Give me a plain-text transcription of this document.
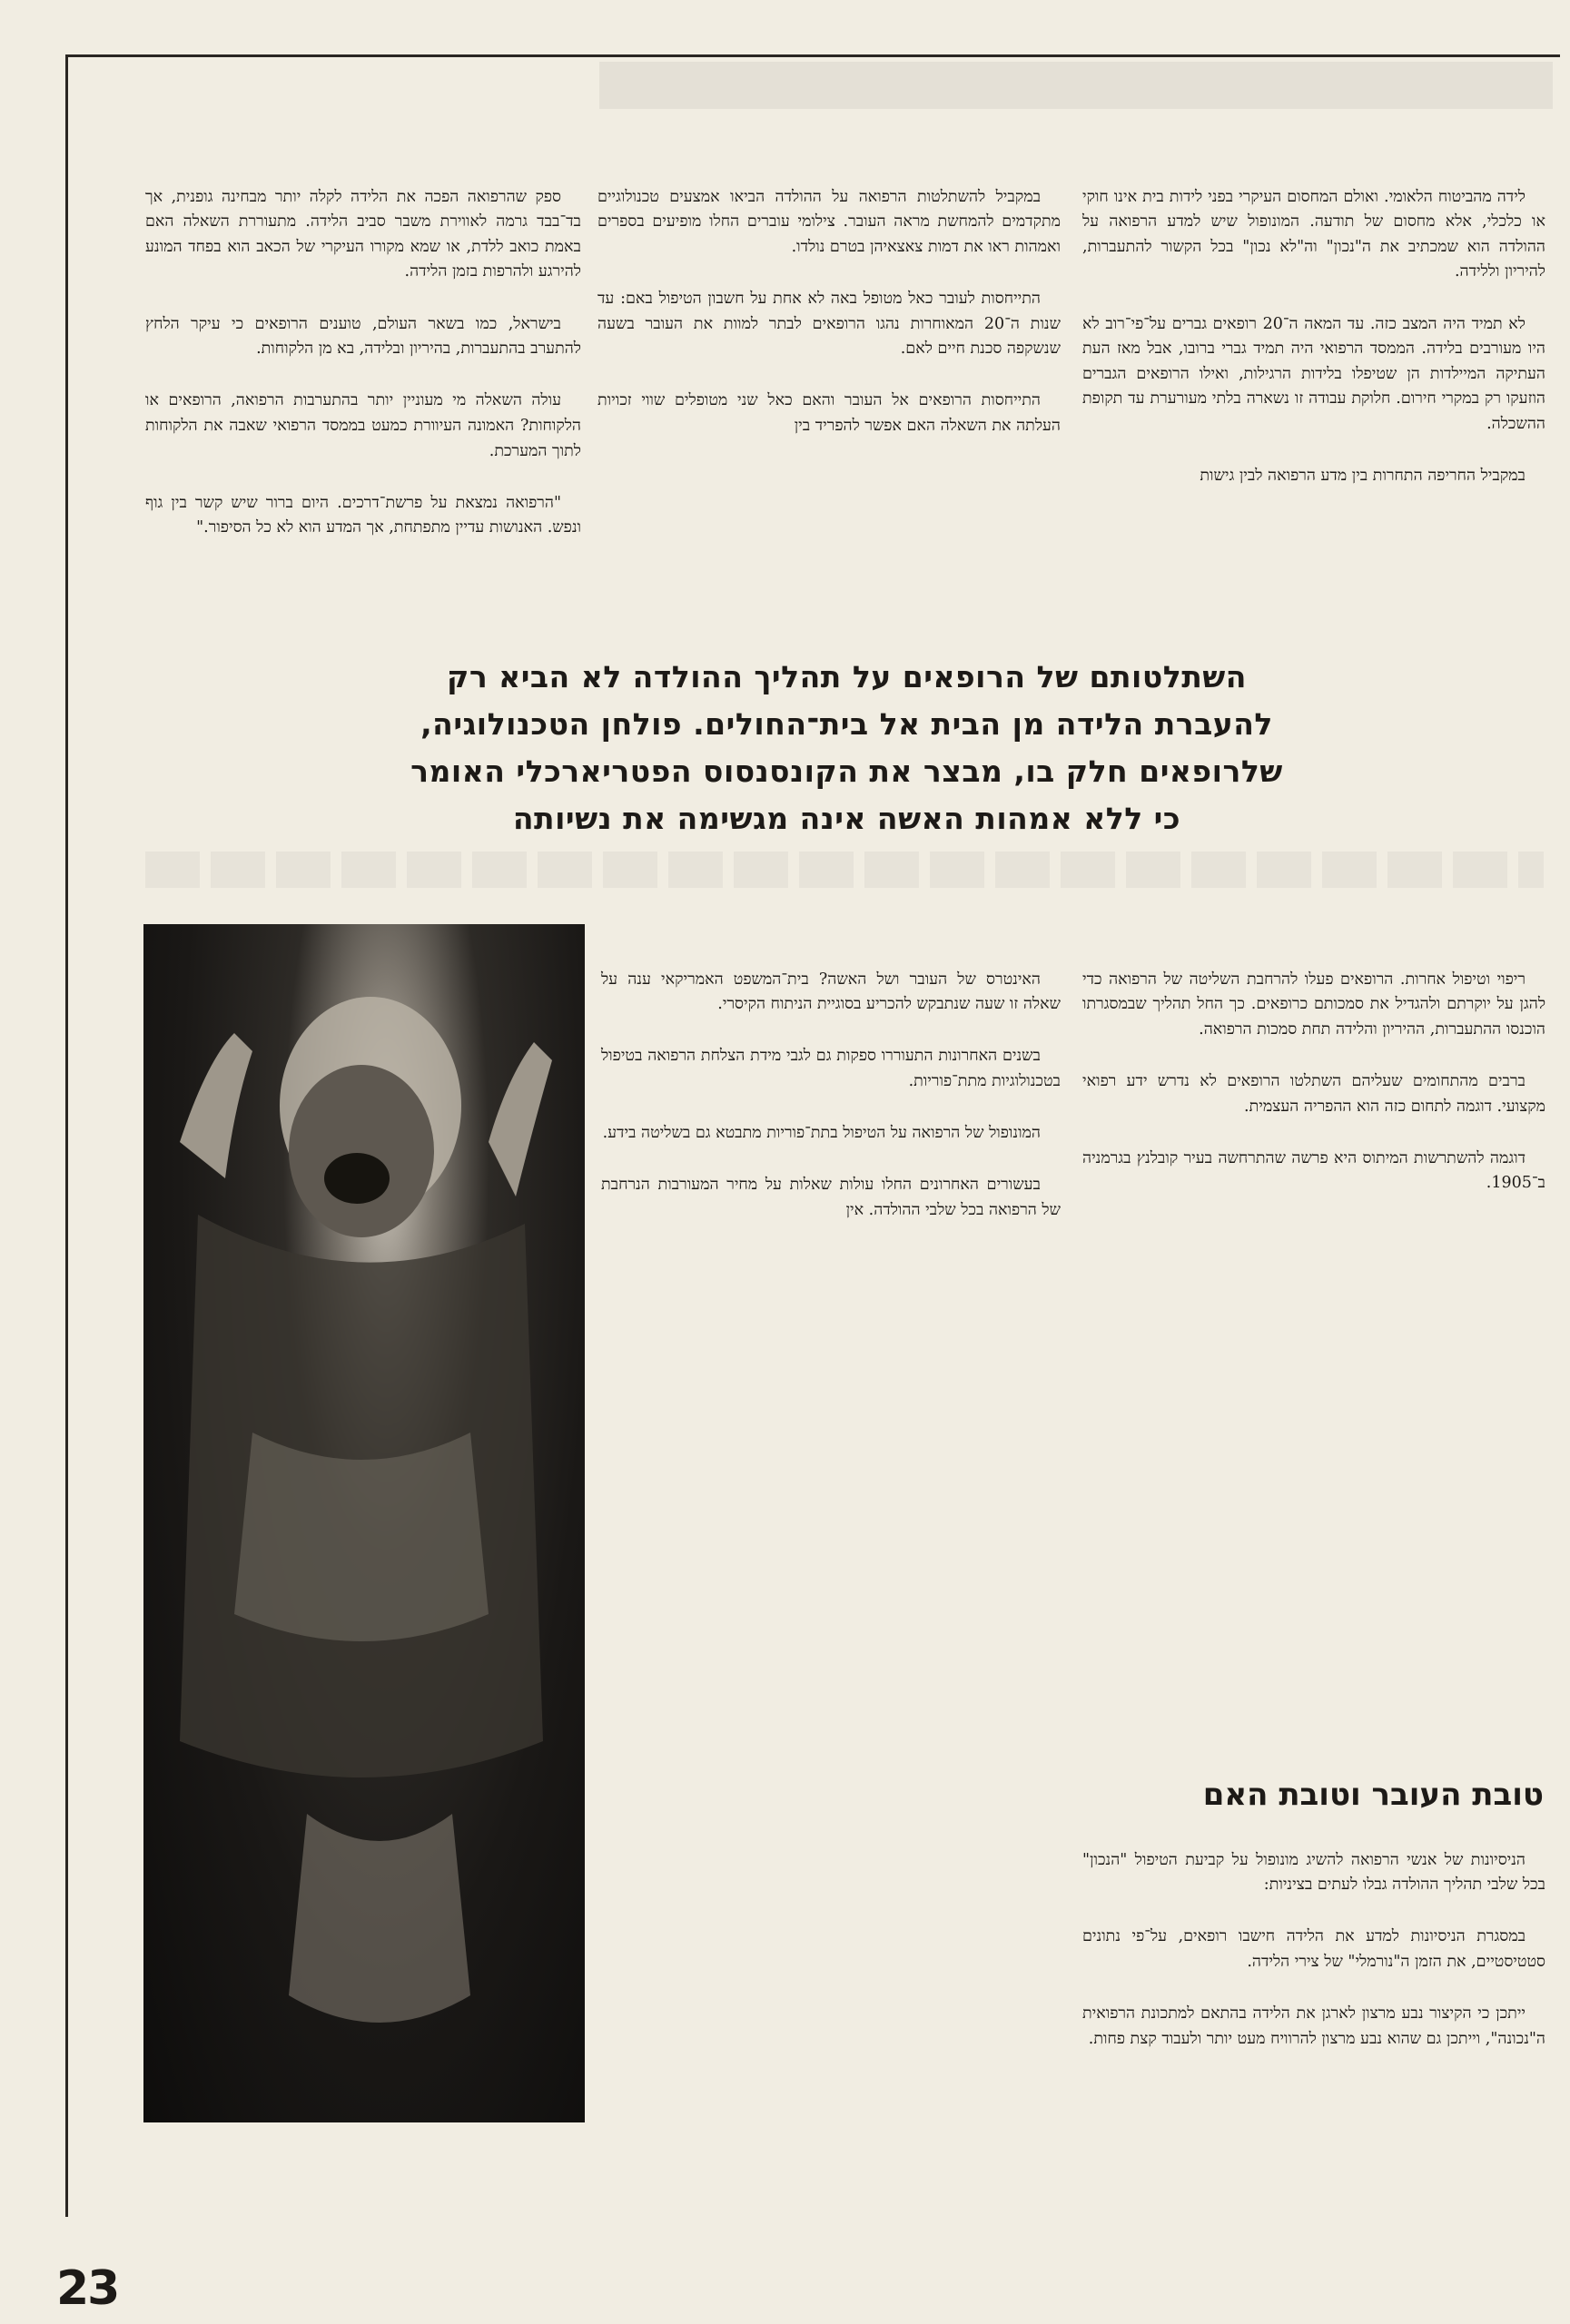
לידה מהביטוח הלאומי. ואולם המחסום העיקרי בפני לידות בית אינו חוקי או כלכלי, אלא מחסום של תודעה. המונופול שיש למדע הרפואה על ההולדה הוא שמכתיב את ה"נכון" וה"לא נכון" בכל הקשור להתעברות, להיריון וללידה.

לא תמיד היה המצב כזה. עד המאה ה־20 רופאים גברים על־פי־רוב לא היו מעורבים בלידה. הממסד הרפואי היה תמיד גברי ברובו, אבל מאז העת העתיקה המיילדות הן שטיפלו בלידות הרגילות, ואילו הרופאים הגברים הוזעקו רק במקרי חירום. חלוקת עבודה זו נשארה בלתי מעורערת עד תקופת ההשכלה.

במקביל החריפה התחרות בין מדע הרפואה לבין גישות

במקביל להשתלטות הרפואה על ההולדה הביאו אמצעים טכנולוגיים מתקדמים להמחשת מראה העובר. צילומי עוברים החלו מופיעים בספרים ואמהות ראו את דמות צאצאיהן בטרם נולדו.

התייחסות לעובר כאל מטופל באה לא אחת על חשבון הטיפול באם: עד שנות ה־20 המאוחרות נהגו הרופאים לבתר למוות את העובר בשעה שנשקפה סכנת חיים לאם.

התייחסות הרופאים אל העובר והאם כאל שני מטופלים שווי זכויות העלתה את השאלה האם אפשר להפריד בין

ספק שהרפואה הפכה את הלידה לקלה יותר מבחינה גופנית, אך בד־בבד גרמה לאווירת משבר סביב הלידה. מתעוררת השאלה האם באמת כואב ללדת, או שמא מקורו העיקרי של הכאב הוא בפחד המונע להירגע ולהרפות בזמן הלידה.

בישראל, כמו בשאר העולם, טוענים הרופאים כי עיקר הלחץ להתערב בהתעברות, בהיריון ובלידה, בא מן הלקוחות.

עולה השאלה מי מעוניין יותר בהתערבות הרפואה, הרופאים או הלקוחות? האמונה העיוורת כמעט בממסד הרפואי שאבה את הלקוחות לתוך המערכת.

"הרפואה נמצאת על פרשת־דרכים. היום ברור שיש קשר בין גוף ונפש. האנושות עדיין מתפתחת, אך המדע הוא לא כל הסיפור."

השתלטותם של הרופאים על תהליך ההולדה לא הביא רק
להעברת הלידה מן הבית אל בית־החולים. פולחן הטכנולוגיה,
שלרופאים חלק בו, מבצר את הקונסנסוס הפטריארכלי האומר
כי ללא אמהות האשה אינה מגשימה את נשיותה

ריפוי וטיפול אחרות. הרופאים פעלו להרחבת השליטה של הרפואה כדי להגן על יוקרתם ולהגדיל את סמכותם כרופאים. כך החל תהליך שבמסגרתו הוכנסו ההתעברות, ההיריון והלידה תחת סמכות הרפואה.

ברבים מהתחומים שעליהם השתלטו הרופאים לא נדרש ידע רפואי מקצועי. דוגמה לתחום כזה הוא ההפריה העצמית.

דוגמה להשתרשות המיתוס היא פרשה שהתרחשה בעיר קובלנץ בגרמניה ב־1905.

טובת העובר וטובת האם

הניסיונות של אנשי הרפואה להשיג מונופול על קביעת הטיפול "הנכון" בכל שלבי תהליך ההולדה גבלו לעתים בציניות:

במסגרת הניסיונות למדע את הלידה חישבו רופאים, על־פי נתונים סטטיסטיים, את הזמן ה"נורמלי" של צירי הלידה.

ייתכן כי הקיצור נבע מרצון לארגן את הלידה בהתאם למתכונת הרפואית ה"נכונה", וייתכן גם שהוא נבע מרצון להרוויח מעט יותר ולעבוד קצת פחות.

האינטרס של העובר ושל האשה? בית־המשפט האמריקאי ענה על שאלה זו שעה שנתבקש להכריע בסוגיית הניתוח הקיסרי.

בשנים האחרונות התעוררו ספקות גם לגבי מידת הצלחת הרפואה בטיפול בטכנולוגיות מתת־פוריות.

המונופול של הרפואה על הטיפול בתת־פוריות מתבטא גם בשליטה בידע.

בעשורים האחרונים החלו עולות שאלות על מחיר המעורבות הנרחבת של הרפואה בכל שלבי ההולדה. אין

23
